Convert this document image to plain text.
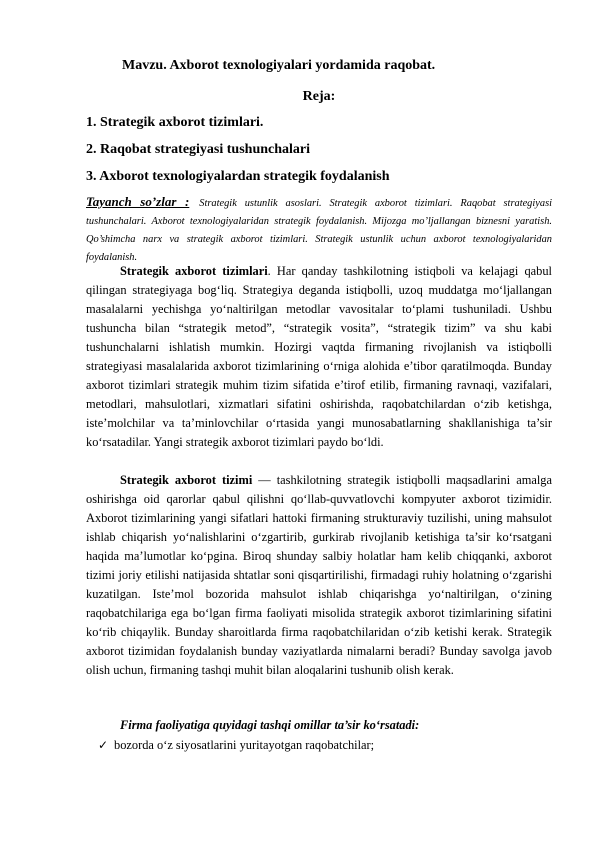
Mavzu. Axborot texnologiyalari yordamida raqobat.
Reja:
1. Strategik axborot tizimlari.
2. Raqobat strategiyasi tushunchalari
3. Axborot texnologiyalardan strategik foydalanish
Tayanch so’zlar : Strategik ustunlik asoslari. Strategik axborot tizimlari. Raqobat strategiyasi tushunchalari. Axborot texnologiyalaridan strategik foydalanish. Mijozga mo’ljallangan biznesni yaratish. Qo’shimcha narx va strategik axborot tizimlari. Strategik ustunlik uchun axborot texnologiyalaridan foydalanish.

Strategik axborot tizimlari. Har qanday tashkilotning istiqboli va kelajagi qabul qilingan strategiyaga bog‘liq. Strategiya deganda istiqbolli, uzoq muddatga mo‘ljallangan masalalarni yechishga yo‘naltirilgan metodlar vavositalar to‘plami tushuniladi. Ushbu tushuncha bilan “strategik metod”, “strategik vosita”, “strategik tizim” va shu kabi tushunchalarni ishlatish mumkin. Hozirgi vaqtda firmaning rivojlanish va istiqbolli strategiyasi masalalarida axborot tizimlarining o‘rniga alohida e’tibor qaratilmoqda. Bunday axborot tizimlari strategik muhim tizim sifatida e’tirof etilib, firmaning ravnaqi, vazifalari, metodlari, mahsulotlari, xizmatlari sifatini oshirishda, raqobatchilardan o‘zib ketishga, iste’molchilar va ta’minlovchilar o‘rtasida yangi munosabatlarning shakllanishiga ta’sir ko‘rsatadilar. Yangi strategik axborot tizimlari paydo bo‘ldi.

Strategik axborot tizimi — tashkilotning strategik istiqbolli maqsadlarini amalga oshirishga oid qarorlar qabul qilishni qo‘llab-quvvatlovchi kompyuter axborot tizimidir. Axborot tizimlarining yangi sifatlari hattoki firmaning strukturaviy tuzilishi, uning mahsulot ishlab chiqarish yo‘nalishlarini o‘zgartirib, gurkirab rivojlanib ketishiga ta’sir ko‘rsatgani haqida ma’lumotlar ko‘pgina. Biroq shunday salbiy holatlar ham kelib chiqqanki, axborot tizimi joriy etilishi natijasida shtatlar soni qisqartirilishi, firmadagi ruhiy holatning o‘zgarishi kuzatilgan. Iste’mol bozorida mahsulot ishlab chiqarishga yo‘naltirilgan, o‘zining raqobatchilariga ega bo‘lgan firma faoliyati misolida strategik axborot tizimlarining sifatini ko‘rib chiqaylik. Bunday sharoitlarda firma raqobatchilaridan o‘zib ketishi kerak. Strategik axborot tizimidan foydalanish bunday vaziyatlarda nimalarni beradi? Bunday savolga javob olish uchun, firmaning tashqi muhit bilan aloqalarini tushunib olish kerak.

Firma faoliyatiga quyidagi tashqi omillar ta’sir ko‘rsatadi:
✓ bozorda o‘z siyosatlarini yuritayotgan raqobatchilar;
